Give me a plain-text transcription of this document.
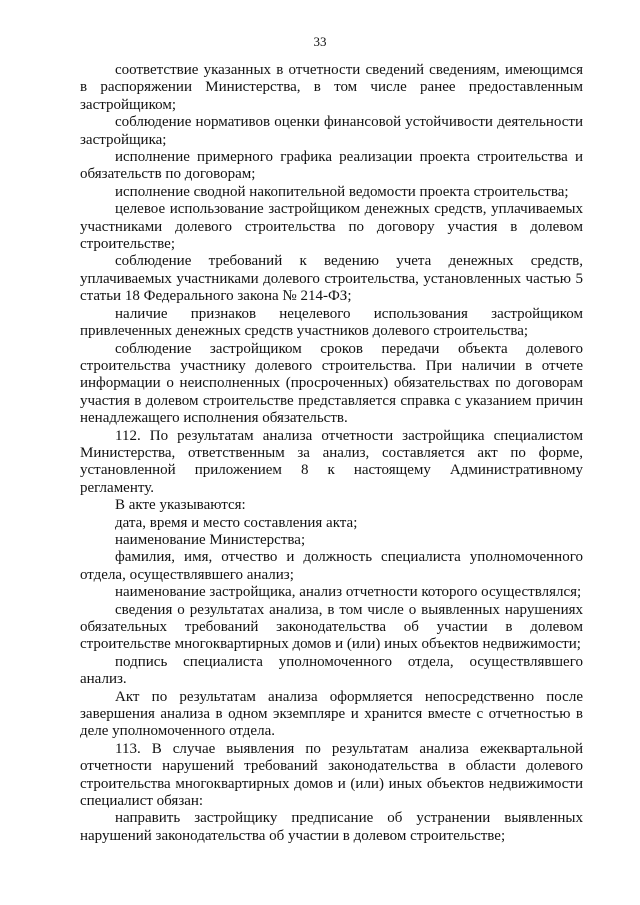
33

соответствие указанных в отчетности сведений сведениям, имеющимся в распоряжении Министерства, в том числе ранее предоставленным застройщиком;

соблюдение нормативов оценки финансовой устойчивости деятельности застройщика;

исполнение примерного графика реализации проекта строительства и обязательств по договорам;

исполнение сводной накопительной ведомости проекта строительства;

целевое использование застройщиком денежных средств, уплачиваемых участниками долевого строительства по договору участия в долевом строительстве;

соблюдение требований к ведению учета денежных средств, уплачиваемых участниками долевого строительства, установленных частью 5 статьи 18 Федерального закона № 214-ФЗ;

наличие признаков нецелевого использования застройщиком привлеченных денежных средств участников долевого строительства;

соблюдение застройщиком сроков передачи объекта долевого строительства участнику долевого строительства. При наличии в отчете информации о неисполненных (просроченных) обязательствах по договорам участия в долевом строительстве представляется справка с указанием причин ненадлежащего исполнения обязательств.

112. По результатам анализа отчетности застройщика специалистом Министерства, ответственным за анализ, составляется акт по форме, установленной приложением 8 к настоящему Административному регламенту.

В акте указываются:

дата, время и место составления акта;

наименование Министерства;

фамилия, имя, отчество и должность специалиста уполномоченного отдела, осуществлявшего анализ;

наименование застройщика, анализ отчетности которого осуществлялся;

сведения о результатах анализа, в том числе о выявленных нарушениях обязательных требований законодательства об участии в долевом строительстве многоквартирных домов и (или) иных объектов недвижимости;

подпись специалиста уполномоченного отдела, осуществлявшего анализ.

Акт по результатам анализа оформляется непосредственно после завершения анализа в одном экземпляре и хранится вместе с отчетностью в деле уполномоченного отдела.

113. В случае выявления по результатам анализа ежеквартальной отчетности нарушений требований законодательства в области долевого строительства многоквартирных домов и (или) иных объектов недвижимости специалист обязан:

направить застройщику предписание об устранении выявленных нарушений законодательства об участии в долевом строительстве;
